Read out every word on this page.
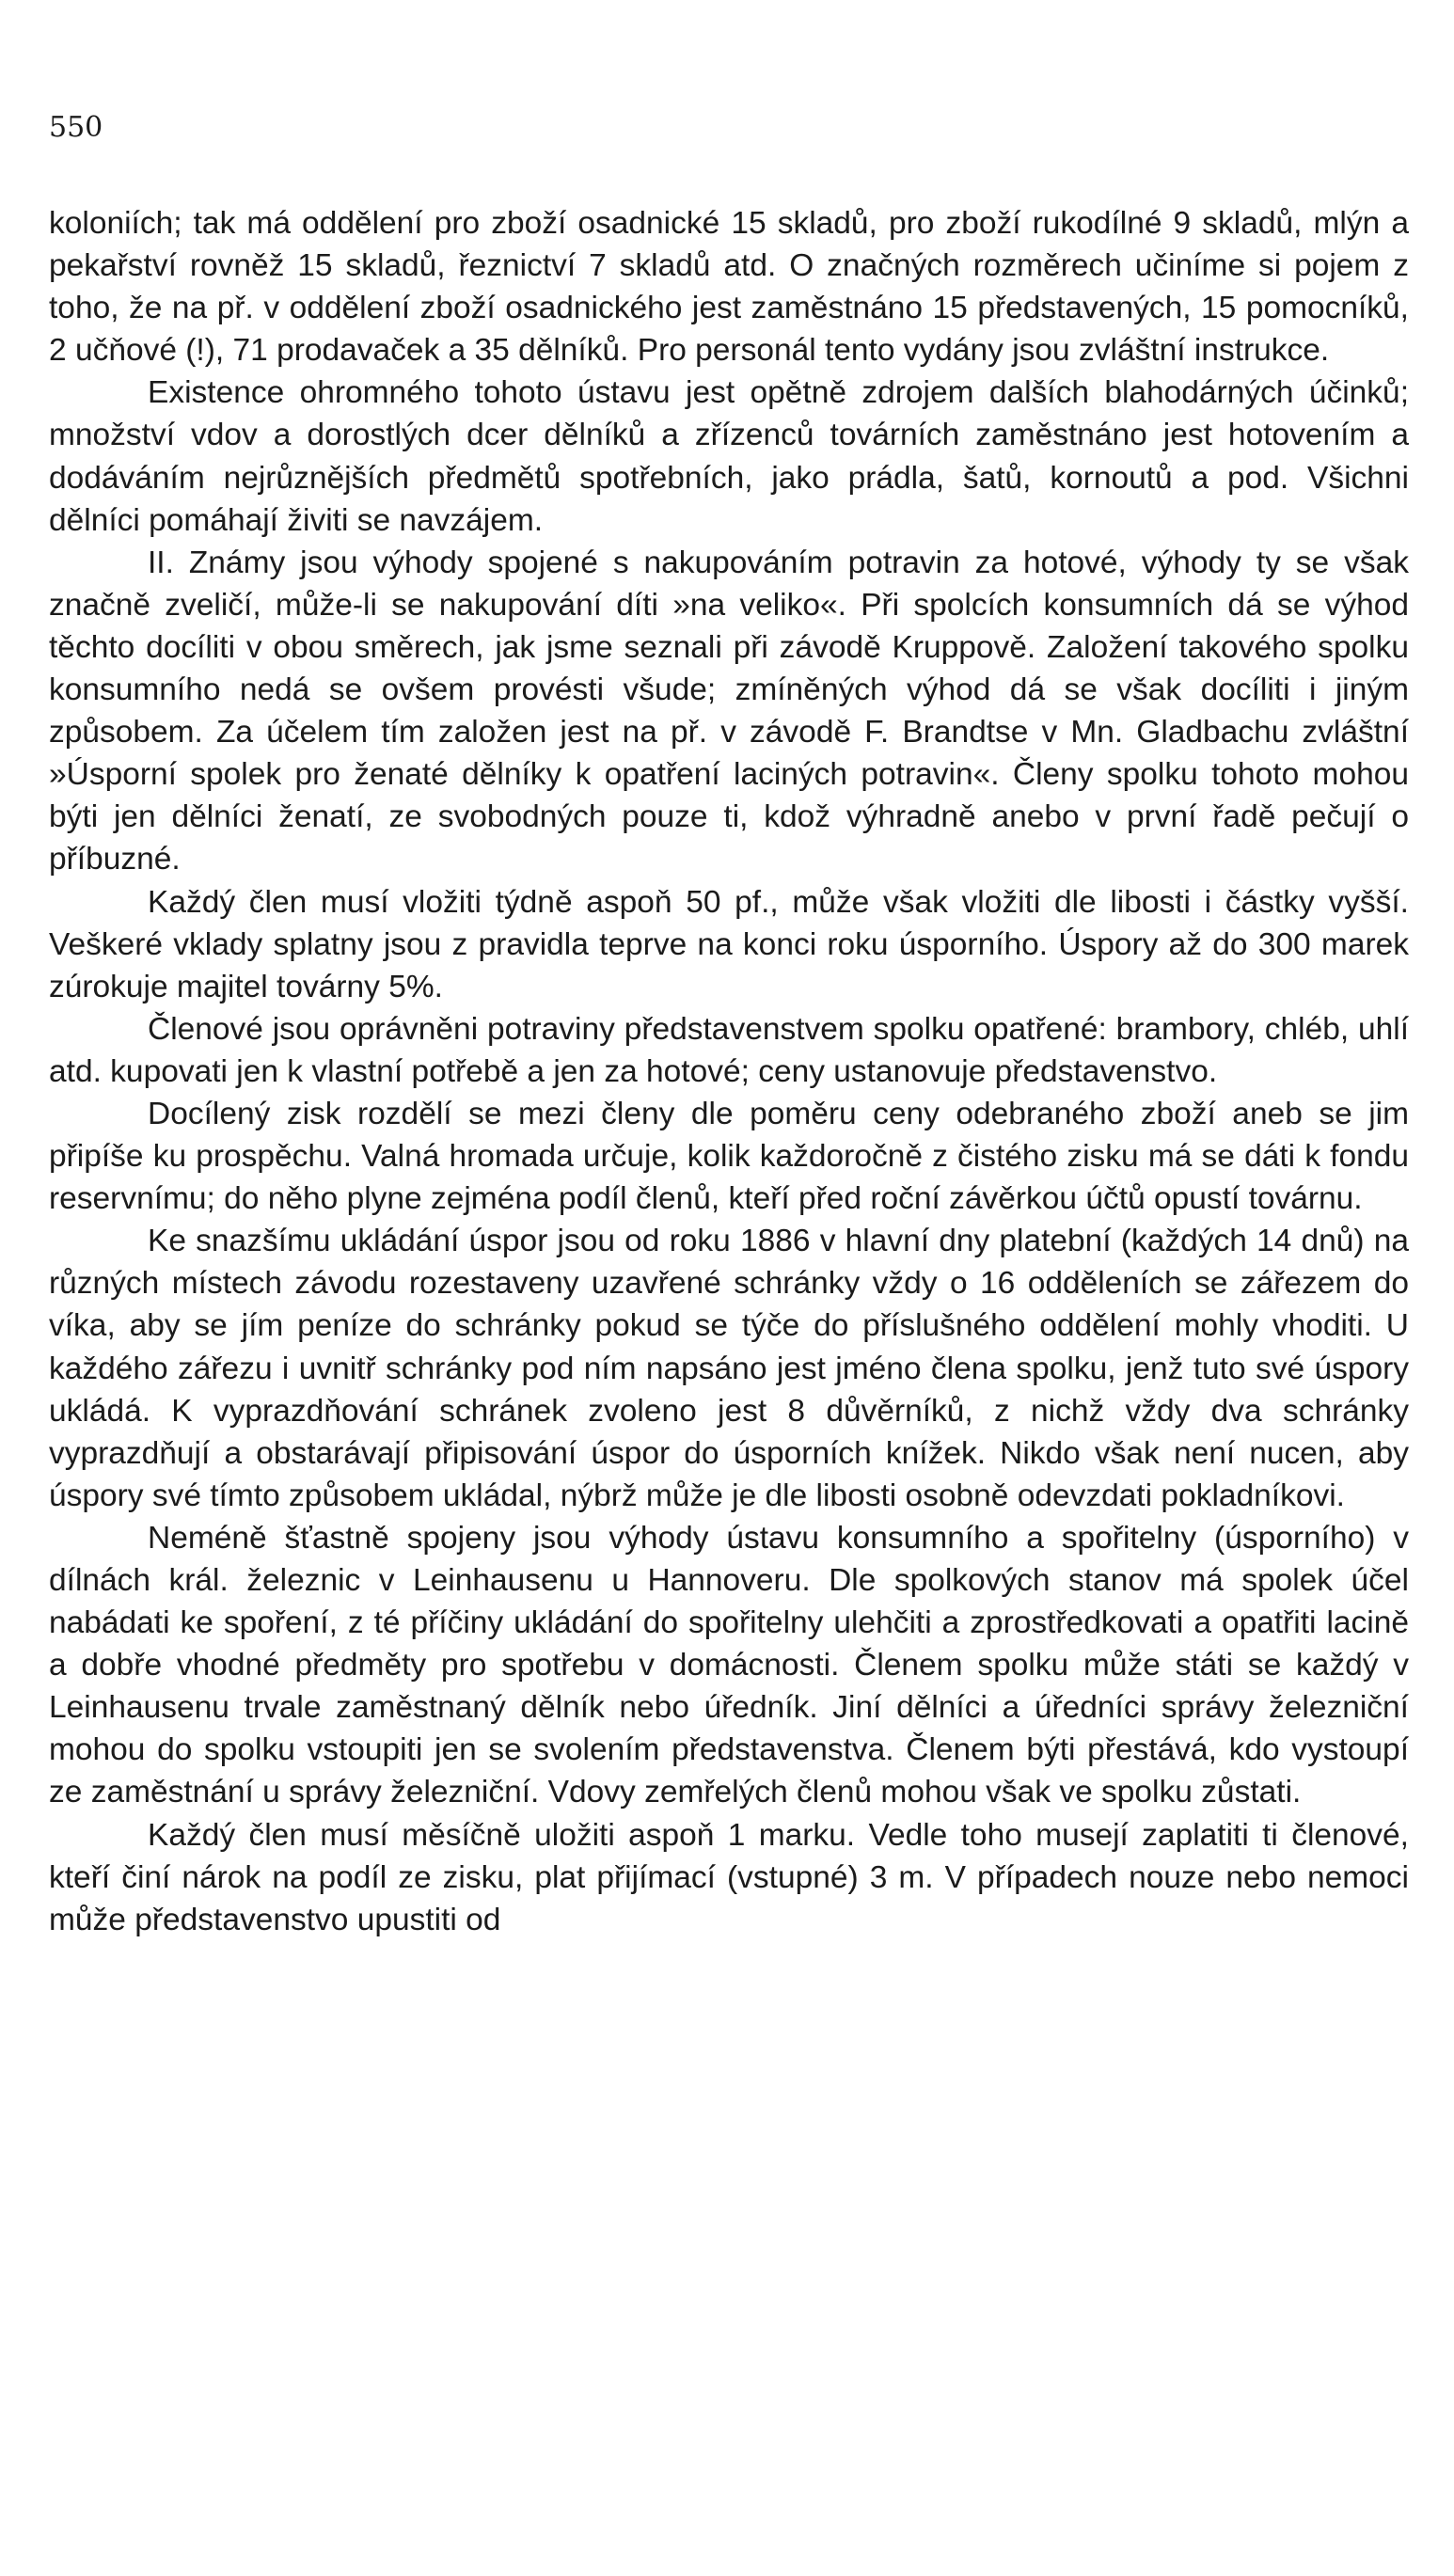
550

koloniích; tak má oddělení pro zboží osadnické 15 skladů, pro zboží rukodílné 9 skladů, mlýn a pekařství rovněž 15 skladů, řeznictví 7 skladů atd. O značných rozměrech učiníme si pojem z toho, že na př. v oddělení zboží osadnického jest zaměstnáno 15 představených, 15 pomocníků, 2 učňové (!), 71 prodavaček a 35 dělníků. Pro personál tento vydány jsou zvláštní instrukce.

Existence ohromného tohoto ústavu jest opětně zdrojem dalších blahodárných účinků; množství vdov a dorostlých dcer dělníků a zřízenců továrních zaměstnáno jest hotovením a dodáváním nejrůznějších předmětů spotřebních, jako prádla, šatů, kornoutů a pod. Všichni dělníci pomáhají živiti se navzájem.

II. Známy jsou výhody spojené s nakupováním potravin za hotové, výhody ty se však značně zveličí, může-li se nakupování díti »na veliko«. Při spolcích konsumních dá se výhod těchto docíliti v obou směrech, jak jsme seznali při závodě Kruppově. Založení takového spolku konsumního nedá se ovšem provésti všude; zmíněných výhod dá se však docíliti i jiným způsobem. Za účelem tím založen jest na př. v závodě F. Brandtse v Mn. Gladbachu zvláštní »Úsporní spolek pro ženaté dělníky k opatření laciných potravin«. Členy spolku tohoto mohou býti jen dělníci ženatí, ze svobodných pouze ti, kdož výhradně anebo v první řadě pečují o příbuzné.

Každý člen musí vložiti týdně aspoň 50 pf., může však vložiti dle libosti i částky vyšší. Veškeré vklady splatny jsou z pravidla teprve na konci roku úsporního. Úspory až do 300 marek zúrokuje majitel továrny 5%.

Členové jsou oprávněni potraviny představenstvem spolku opatřené: brambory, chléb, uhlí atd. kupovati jen k vlastní potřebě a jen za hotové; ceny ustanovuje představenstvo.

Docílený zisk rozdělí se mezi členy dle poměru ceny odebraného zboží aneb se jim připíše ku prospěchu. Valná hromada určuje, kolik každoročně z čistého zisku má se dáti k fondu reservnímu; do něho plyne zejména podíl členů, kteří před roční závěrkou účtů opustí továrnu.

Ke snazšímu ukládání úspor jsou od roku 1886 v hlavní dny platební (každých 14 dnů) na různých místech závodu rozestaveny uzavřené schránky vždy o 16 odděleních se zářezem do víka, aby se jím peníze do schránky pokud se týče do příslušného oddělení mohly vhoditi. U každého zářezu i uvnitř schránky pod ním napsáno jest jméno člena spolku, jenž tuto své úspory ukládá. K vyprazdňování schránek zvoleno jest 8 důvěrníků, z nichž vždy dva schránky vyprazdňují a obstarávají připisování úspor do úsporních knížek. Nikdo však není nucen, aby úspory své tímto způsobem ukládal, nýbrž může je dle libosti osobně odevzdati pokladníkovi.

Neméně šťastně spojeny jsou výhody ústavu konsumního a spořitelny (úsporního) v dílnách král. železnic v Leinhausenu u Hannoveru. Dle spolkových stanov má spolek účel nabádati ke spoření, z té příčiny ukládání do spořitelny ulehčiti a zprostředkovati a opatřiti lacině a dobře vhodné předměty pro spotřebu v domácnosti. Členem spolku může státi se každý v Leinhausenu trvale zaměstnaný dělník nebo úředník. Jiní dělníci a úředníci správy železniční mohou do spolku vstoupiti jen se svolením představenstva. Členem býti přestává, kdo vystoupí ze zaměstnání u správy železniční. Vdovy zemřelých členů mohou však ve spolku zůstati.

Každý člen musí měsíčně uložiti aspoň 1 marku. Vedle toho musejí zaplatiti ti členové, kteří činí nárok na podíl ze zisku, plat přijímací (vstupné) 3 m. V případech nouze nebo nemoci může představenstvo upustiti od
